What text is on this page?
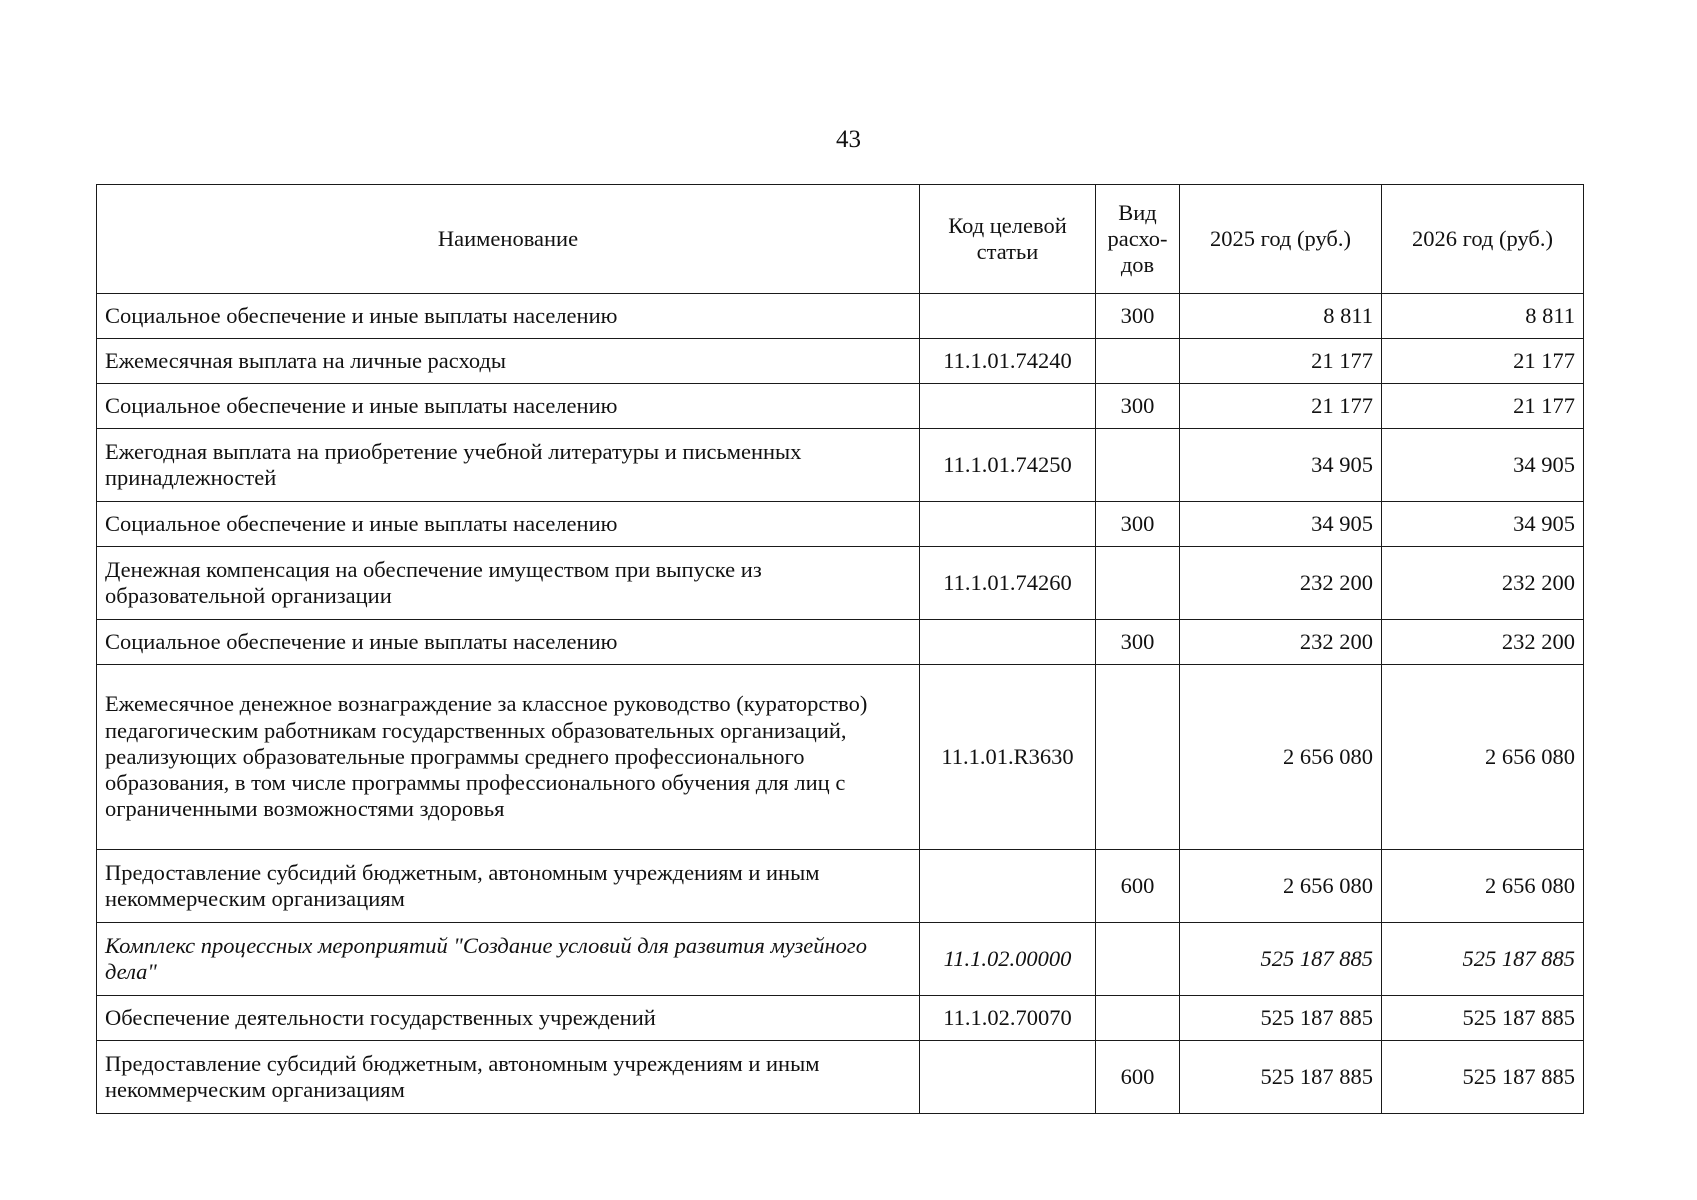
43
Наименование	Код целевой статьи	Вид расхо-дов	2025 год (руб.)	2026 год (руб.)
Социальное обеспечение и иные выплаты населению		300	8 811	8 811
Ежемесячная выплата на личные расходы	11.1.01.74240		21 177	21 177
Социальное обеспечение и иные выплаты населению		300	21 177	21 177
Ежегодная выплата на приобретение учебной литературы и письменных принадлежностей	11.1.01.74250		34 905	34 905
Социальное обеспечение и иные выплаты населению		300	34 905	34 905
Денежная компенсация на обеспечение имуществом при выпуске из образовательной организации	11.1.01.74260		232 200	232 200
Социальное обеспечение и иные выплаты населению		300	232 200	232 200
Ежемесячное денежное вознаграждение за классное руководство (кураторство) педагогическим работникам государственных образовательных организаций, реализующих образовательные программы среднего профессионального образования, в том числе программы профессионального обучения для лиц с ограниченными возможностями здоровья	11.1.01.R3630		2 656 080	2 656 080
Предоставление субсидий бюджетным, автономным учреждениям и иным некоммерческим организациям		600	2 656 080	2 656 080
Комплекс процессных мероприятий "Создание условий для развития музейного дела"	11.1.02.00000		525 187 885	525 187 885
Обеспечение деятельности государственных учреждений	11.1.02.70070		525 187 885	525 187 885
Предоставление субсидий бюджетным, автономным учреждениям и иным некоммерческим организациям		600	525 187 885	525 187 885
